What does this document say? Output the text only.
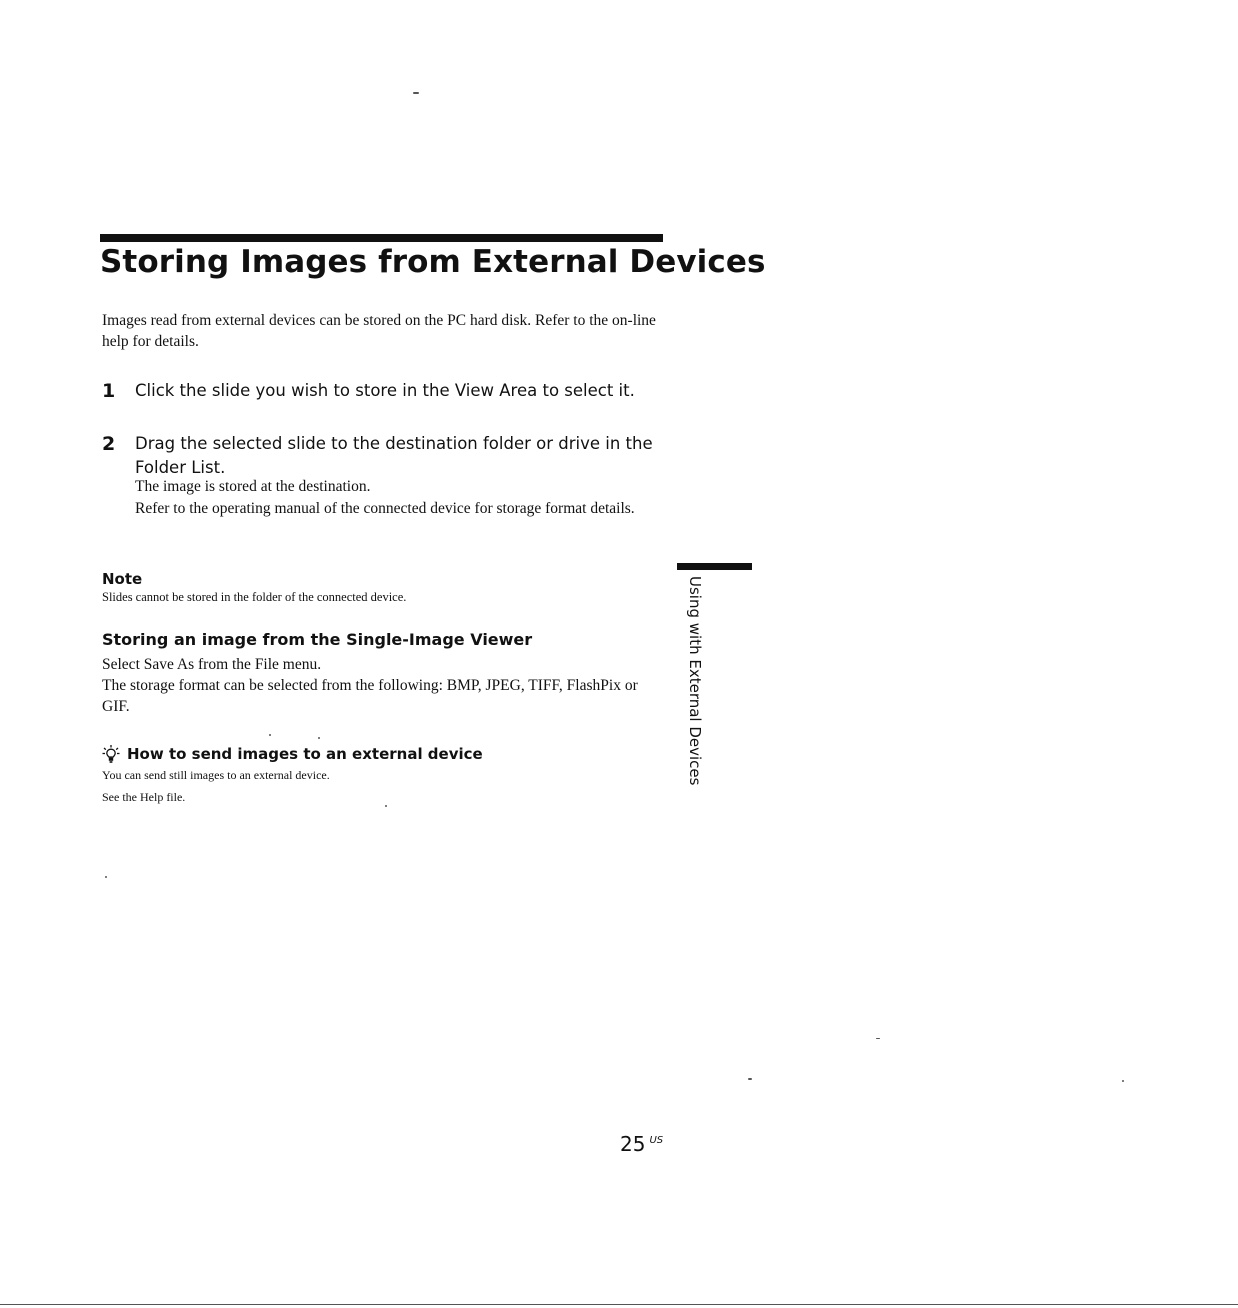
Storing Images from External Devices
Images read from external devices can be stored on the PC hard disk. Refer to the on-line help for details.
1 Click the slide you wish to store in the View Area to select it.
2 Drag the selected slide to the destination folder or drive in the Folder List.
The image is stored at the destination.
Refer to the operating manual of the connected device for storage format details.
Note
Slides cannot be stored in the folder of the connected device.
Storing an image from the Single-Image Viewer
Select Save As from the File menu.
The storage format can be selected from the following: BMP, JPEG, TIFF, FlashPix or GIF.
How to send images to an external device
You can send still images to an external device.
See the Help file.
Using with External Devices
25 $^{US}$
